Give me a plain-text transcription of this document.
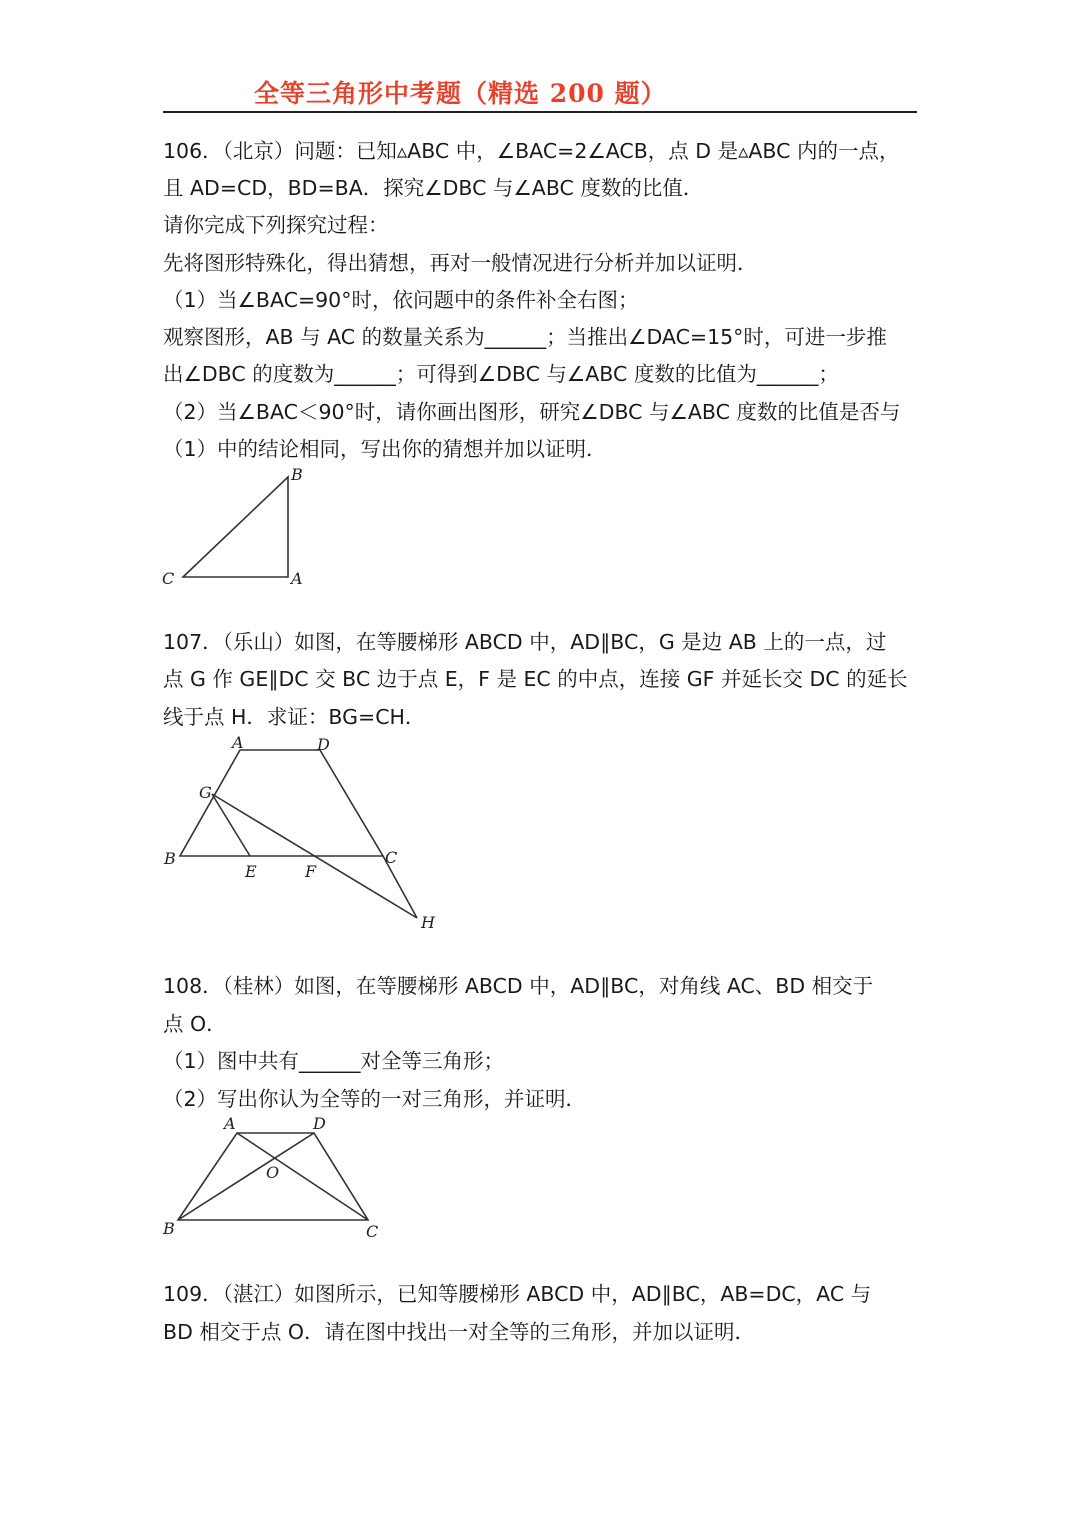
全等三角形中考题（精选 200 题）

106．（北京）问题：已知▵ABC 中，∠BAC=2∠ACB，点 D 是▵ABC 内的一点，

且 AD=CD，BD=BA．探究∠DBC 与∠ABC 度数的比值．

请你完成下列探究过程：

先将图形特殊化，得出猜想，再对一般情况进行分析并加以证明．

（1）当∠BAC=90°时，依问题中的条件补全右图；

观察图形，AB 与 AC 的数量关系为______；当推出∠DAC=15°时，可进一步推

出∠DBC 的度数为______；可得到∠DBC 与∠ABC 度数的比值为______；

（2）当∠BAC＜90°时，请你画出图形，研究∠DBC 与∠ABC 度数的比值是否与

（1）中的结论相同，写出你的猜想并加以证明．

B
C	A

107．（乐山）如图，在等腰梯形 ABCD 中，AD∥BC，G 是边 AB 上的一点，过

点 G 作 GE∥DC 交 BC 边于点 E，F 是 EC 的中点，连接 GF 并延长交 DC 的延长

线于点 H．求证：BG=CH．

A	D
G
B
E	F
C
H

108．（桂林）如图，在等腰梯形 ABCD 中，AD∥BC，对角线 AC、BD 相交于

点 O．

（1）图中共有______对全等三角形；

（2）写出你认为全等的一对三角形，并证明．

A	D
O
B	C

109．（湛江）如图所示，已知等腰梯形 ABCD 中，AD∥BC，AB=DC，AC 与

BD 相交于点 O．请在图中找出一对全等的三角形，并加以证明．
